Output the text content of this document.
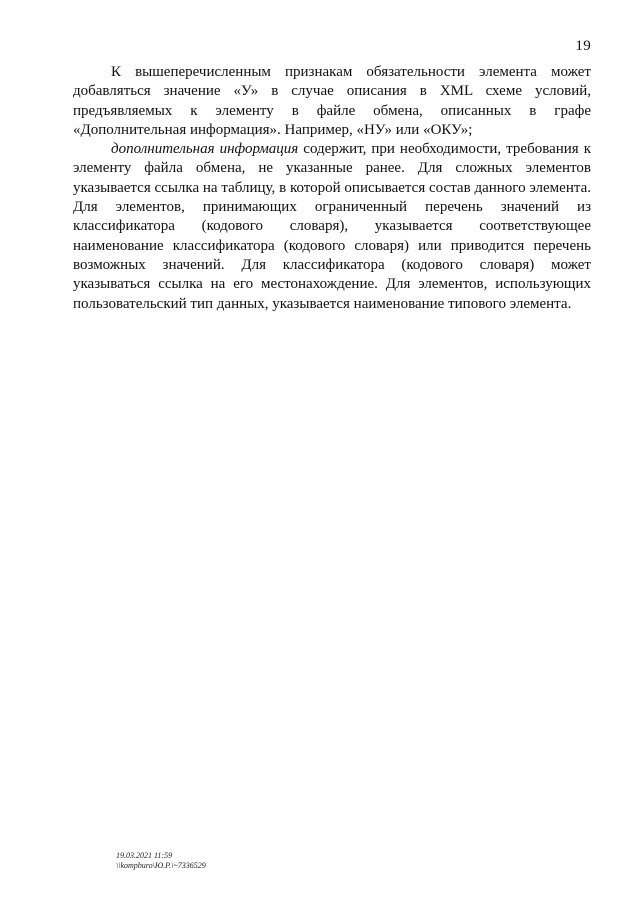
19

К вышеперечисленным признакам обязательности элемента может добавляться значение «У» в случае описания в XML схеме условий, предъявляемых к элементу в файле обмена, описанных в графе «Дополнительная информация». Например, «НУ» или «ОКУ»;

дополнительная информация содержит, при необходимости, требования к элементу файла обмена, не указанные ранее. Для сложных элементов указывается ссылка на таблицу, в которой описывается состав данного элемента. Для элементов, принимающих ограниченный перечень значений из классификатора (кодового словаря), указывается соответствующее наименование классификатора (кодового словаря) или приводится перечень возможных значений. Для классификатора (кодового словаря) может указываться ссылка на его местонахождение. Для элементов, использующих пользовательский тип данных, указывается наименование типового элемента.

19.03.2021 11:59
\\kompburo\Ю.Р.\~7336529
